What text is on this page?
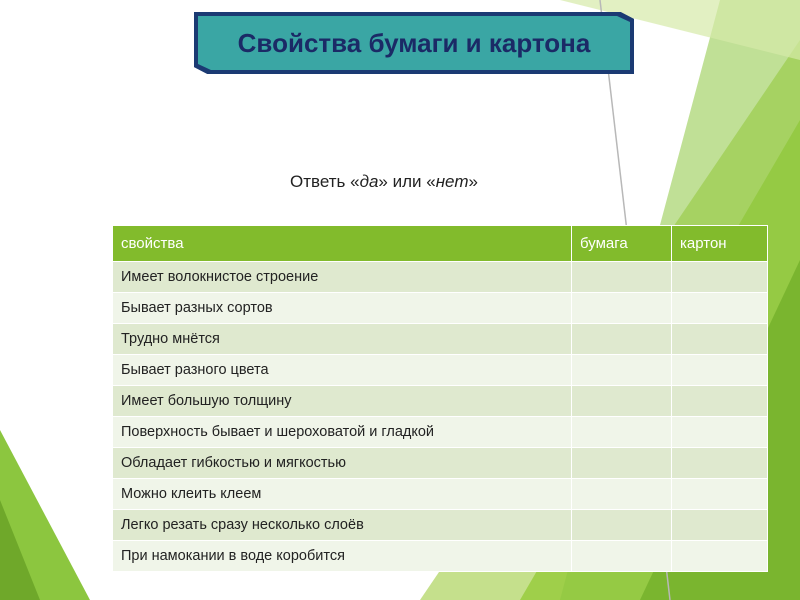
Свойства бумаги и картона
Ответь «да» или «нет»
свойства	бумага	картон
Имеет волокнистое строение		
Бывает разных сортов		
Трудно мнётся		
Бывает разного цвета		
Имеет большую толщину		
Поверхность бывает и шероховатой и гладкой		
Обладает гибкостью и мягкостью		
Можно клеить клеем		
Легко резать сразу несколько слоёв		
При намокании в воде коробится		
